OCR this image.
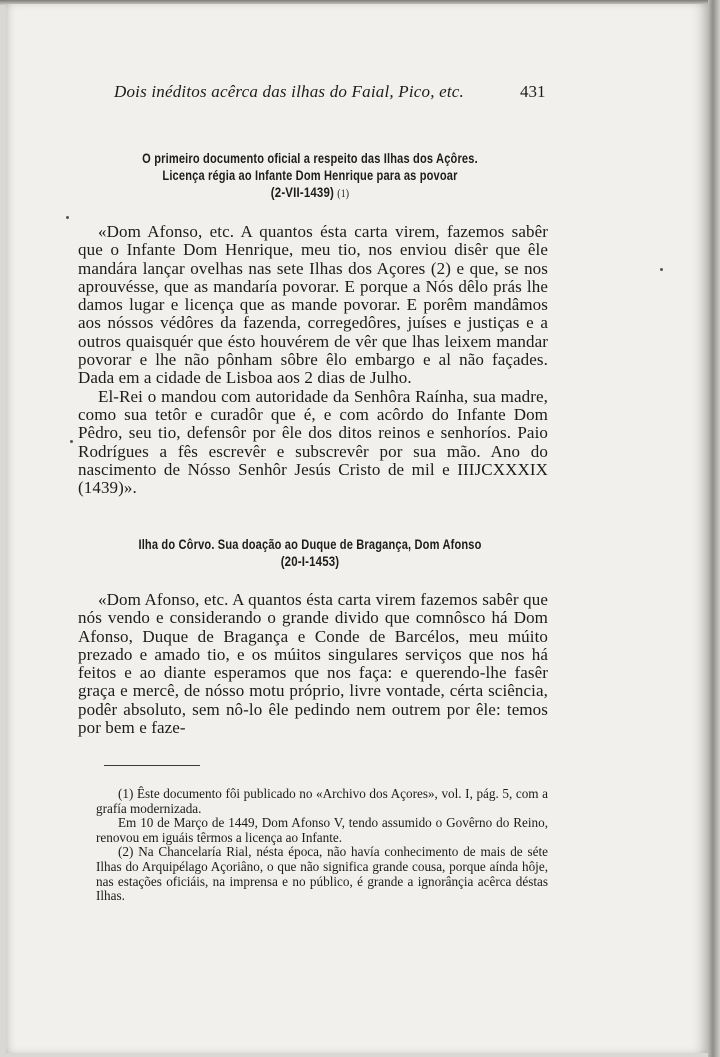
Dois inéditos acêrca das ilhas do Faial, Pico, etc.	431
O primeiro documento oficial a respeito das Ilhas dos Açôres.
Licença régia ao Infante Dom Henrique para as povoar
(2-VII-1439) (1)

«Dom Afonso, etc. A quantos ésta carta virem, fazemos sabêr que o Infante Dom Henrique, meu tio, nos enviou disêr que êle mandára lançar ovelhas nas sete Ilhas dos Açores (2) e que, se nos aprouvésse, que as mandaría povorar. E porque a Nós dêlo prás lhe damos lugar e licença que as mande povorar. E porêm mandâmos aos nóssos védôres da fazenda, corregedôres, juíses e justiças e a outros quaisquér que ésto houvérem de vêr que lhas leixem mandar povorar e lhe não pônham sôbre êlo embargo e al não façades. Dada em a cidade de Lisboa aos 2 dias de Julho.

El-Rei o mandou com autoridade da Senhôra Raínha, sua madre, como sua tetôr e curadôr que é, e com acôrdo do Infante Dom Pêdro, seu tio, defensôr por êle dos ditos reinos e senhoríos. Paio Rodrígues a fês escrevêr e subscrevêr por sua mão. Ano do nascimento de Nósso Senhôr Jesús Cristo de mil e IIIJCXXXIX (1439)».

Ilha do Côrvo. Sua doação ao Duque de Bragança, Dom Afonso
(20-I-1453)

«Dom Afonso, etc. A quantos ésta carta virem fazemos sabêr que nós vendo e considerando o grande divido que comnôsco há Dom Afonso, Duque de Bragança e Conde de Barcélos, meu múito prezado e amado tio, e os múitos singulares serviços que nos há feitos e ao diante esperamos que nos faça: e querendo-lhe fasêr graça e mercê, de nósso motu próprio, livre vontade, cérta sciência, podêr absoluto, sem nô-lo êle pedindo nem outrem por êle: temos por bem e faze-

(1) Êste documento fôi publicado no «Archivo dos Açores», vol. I, pág. 5, com a grafía modernizada.

Em 10 de Março de 1449, Dom Afonso V, tendo assumido o Govêrno do Reino, renovou em iguáis têrmos a licença ao Infante.

(2) Na Chancelaría Rial, nésta época, não havía conhecimento de mais de séte Ilhas do Arquipélago Açoriâno, o que não significa grande cousa, porque aínda hôje, nas estações oficiáis, na imprensa e no público, é grande a ignorânçia acêrca déstas Ilhas.
